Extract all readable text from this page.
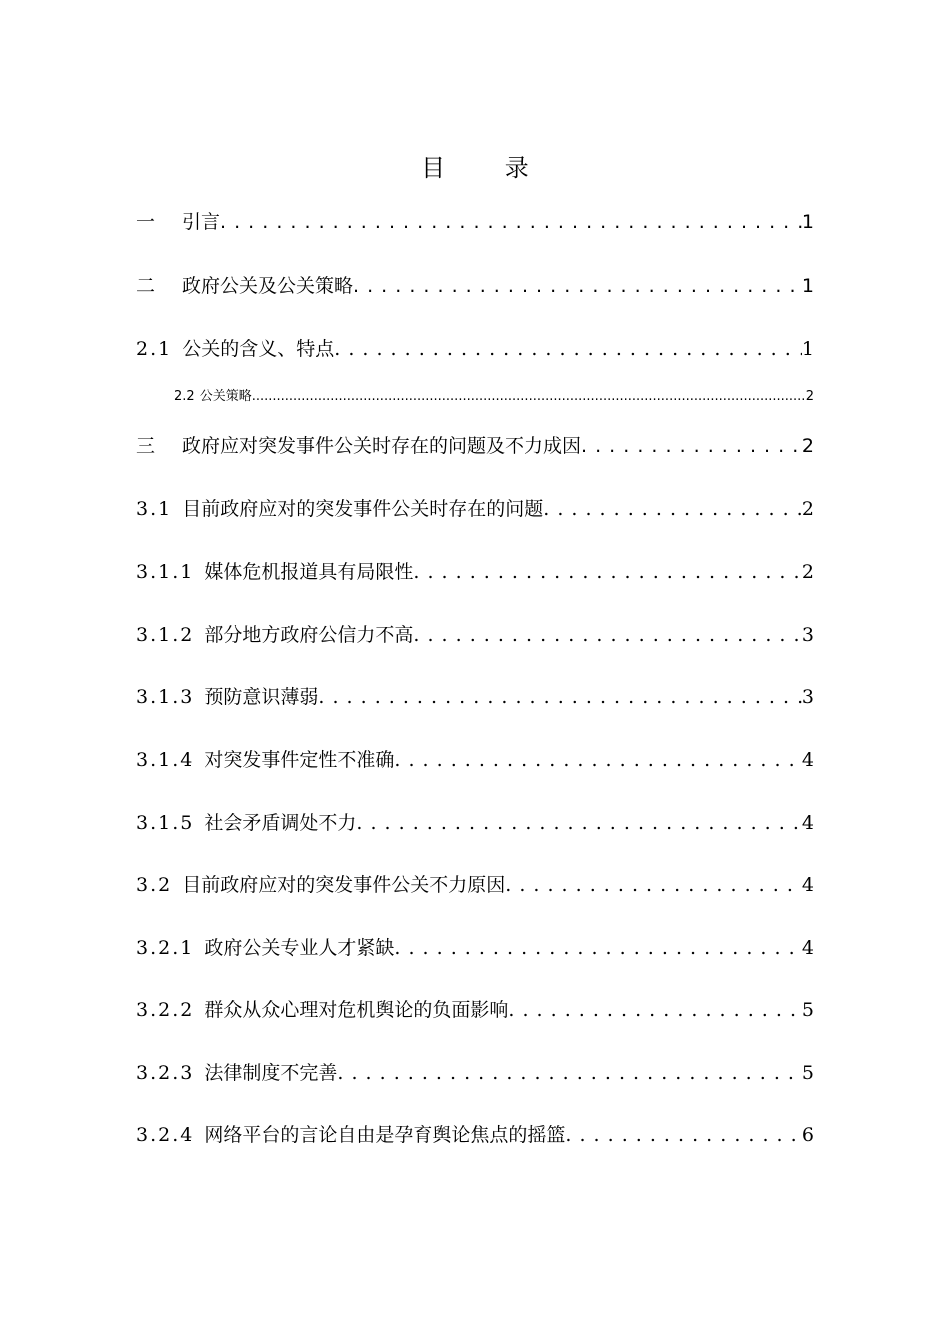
目 录
一 引言 . . .	1
二 政府公关及公关策略 . . .	1
2.1 公关的含义、特点 . . .	1
2.2 公关策略 .....	2
三 政府应对突发事件公关时存在的问题及不力成因 . . .	2
3.1 目前政府应对的突发事件公关时存在的问题 . . .	2
3.1.1 媒体危机报道具有局限性 . . .	2
3.1.2 部分地方政府公信力不高 . . .	3
3.1.3 预防意识薄弱 . . .	3
3.1.4 对突发事件定性不准确 . . .	4
3.1.5 社会矛盾调处不力 . . .	4
3.2 目前政府应对的突发事件公关不力原因 . . .	4
3.2.1 政府公关专业人才紧缺 . . .	4
3.2.2 群众从众心理对危机舆论的负面影响 . . .	5
3.2.3 法律制度不完善 . . .	5
3.2.4 网络平台的言论自由是孕育舆论焦点的摇篮 . . .	6
